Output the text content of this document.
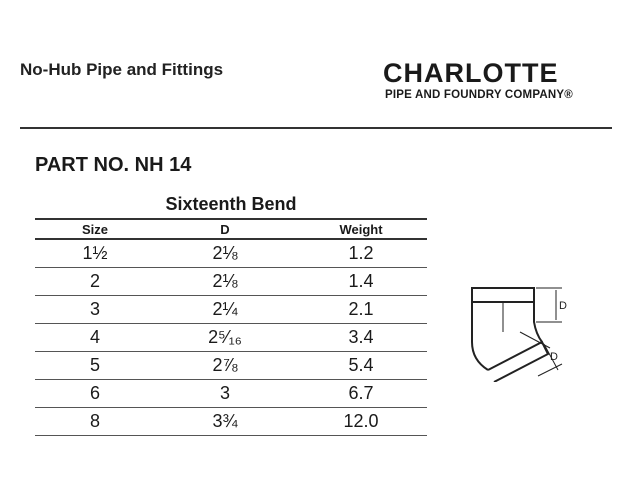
No-Hub Pipe and Fittings	CHARLOTTE
PIPE AND FOUNDRY COMPANY®
PART NO. NH 14
Sixteenth Bend
Size	D	Weight
1½	2⅛	1.2
2	2⅛	1.4
3	2¼	2.1
4	2⁵⁄₁₆	3.4
5	2⅞	5.4
6	3	6.7
8	3¾	12.0
D
D
